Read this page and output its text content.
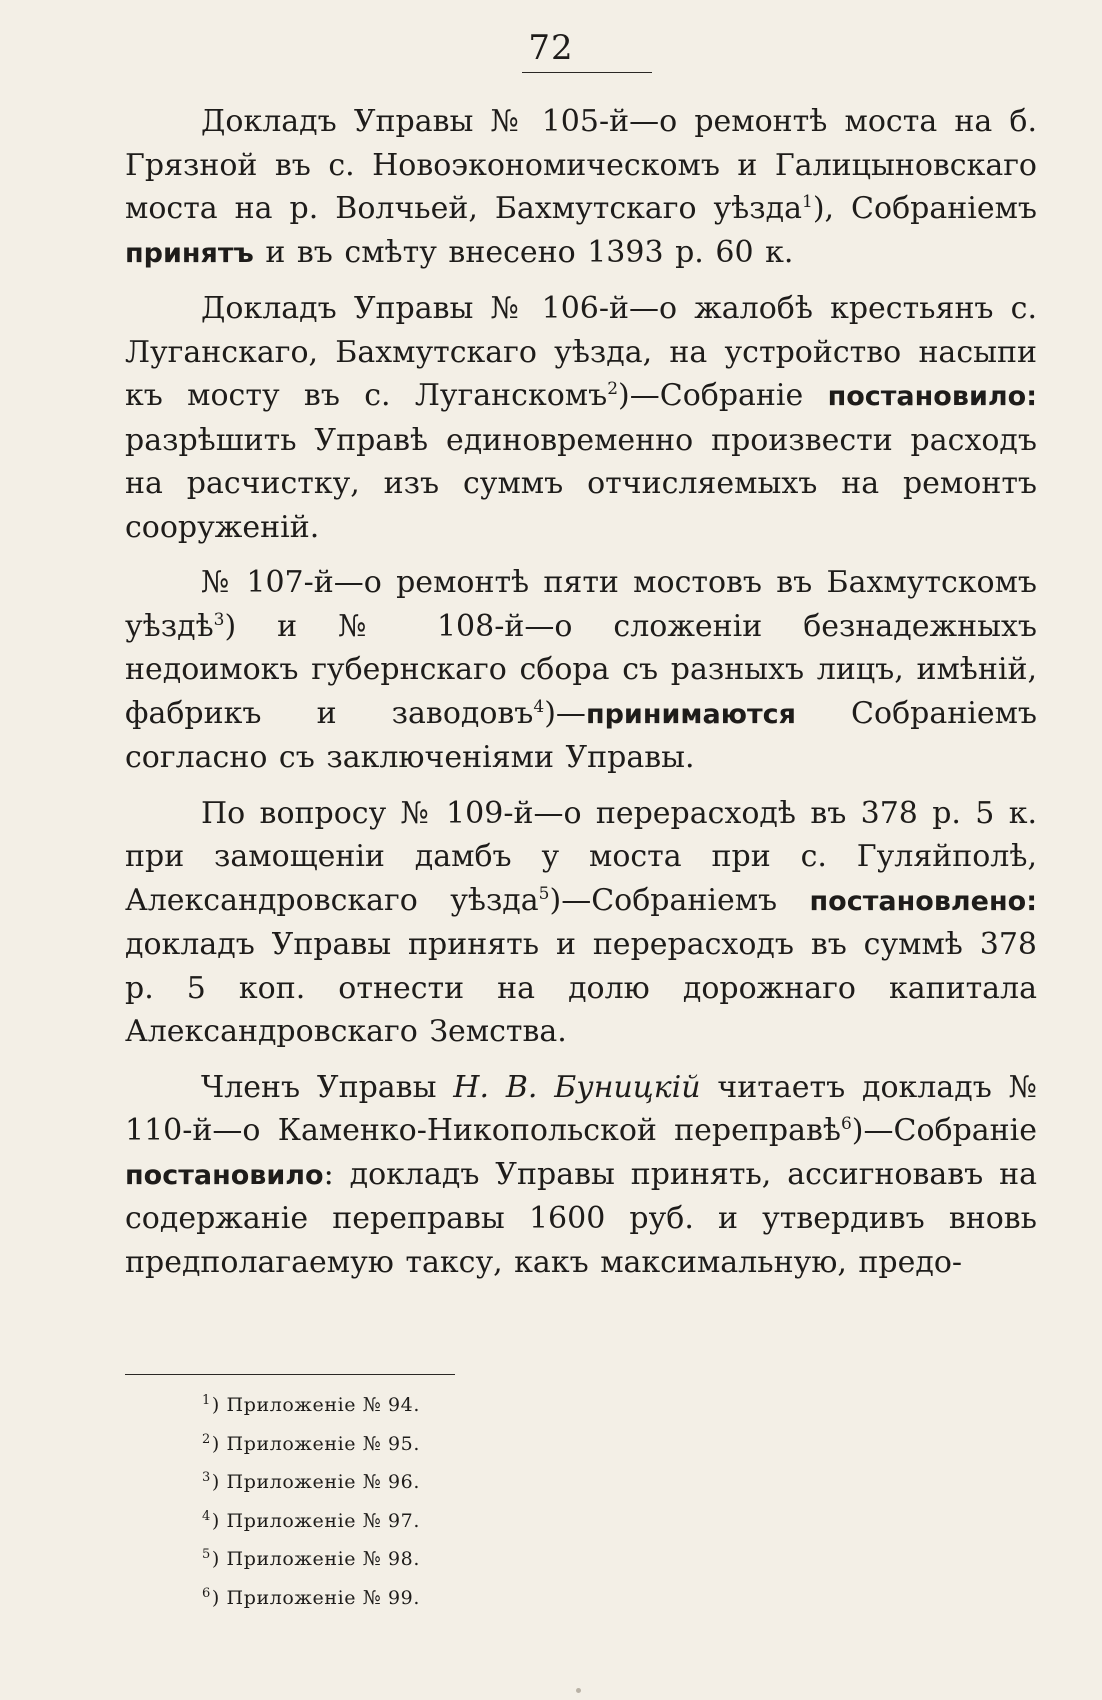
72

Докладъ Управы № 105-й—о ремонтѣ моста на б. Грязной въ с. Новоэкономическомъ и Галицыновскаго моста на р. Волчьей, Бахмутскаго уѣзда$^1$), Собраніемъ принятъ и въ смѣту внесено 1393 р. 60 к.

Докладъ Управы № 106-й—о жалобѣ крестьянъ с. Луганскаго, Бахмутскаго уѣзда, на устройство насыпи къ мосту въ с. Луганскомъ$^2$)—Собраніе постановило: разрѣшить Управѣ единовременно произвести расходъ на расчистку, изъ суммъ отчисляемыхъ на ремонтъ сооруженій.

№ 107-й—о ремонтѣ пяти мостовъ въ Бахмутскомъ уѣздѣ$^3$) и № 108-й—о сложеніи безнадежныхъ недоимокъ губернскаго сбора съ разныхъ лицъ, имѣній, фабрикъ и заводовъ$^4$)—принимаются Собраніемъ согласно съ заключеніями Управы.

По вопросу № 109-й—о перерасходѣ въ 378 р. 5 к. при замощеніи дамбъ у моста при с. Гуляйполѣ, Александровскаго уѣзда$^5$)—Собраніемъ постановлено: докладъ Управы принять и перерасходъ въ суммѣ 378 р. 5 коп. отнести на долю дорожнаго капитала Александровскаго Земства.

Членъ Управы Н. В. Буницкій читаетъ докладъ № 110-й—о Каменко-Никопольской переправѣ$^6$)—Собраніе постановило: докладъ Управы принять, ассигновавъ на содержаніе переправы 1600 руб. и утвердивъ вновь предполагаемую таксу, какъ максимальную, предо-

$^1$) Приложеніе № 94.
$^2$) Приложеніе № 95.
$^3$) Приложеніе № 96.
$^4$) Приложеніе № 97.
$^5$) Приложеніе № 98.
$^6$) Приложеніе № 99.
